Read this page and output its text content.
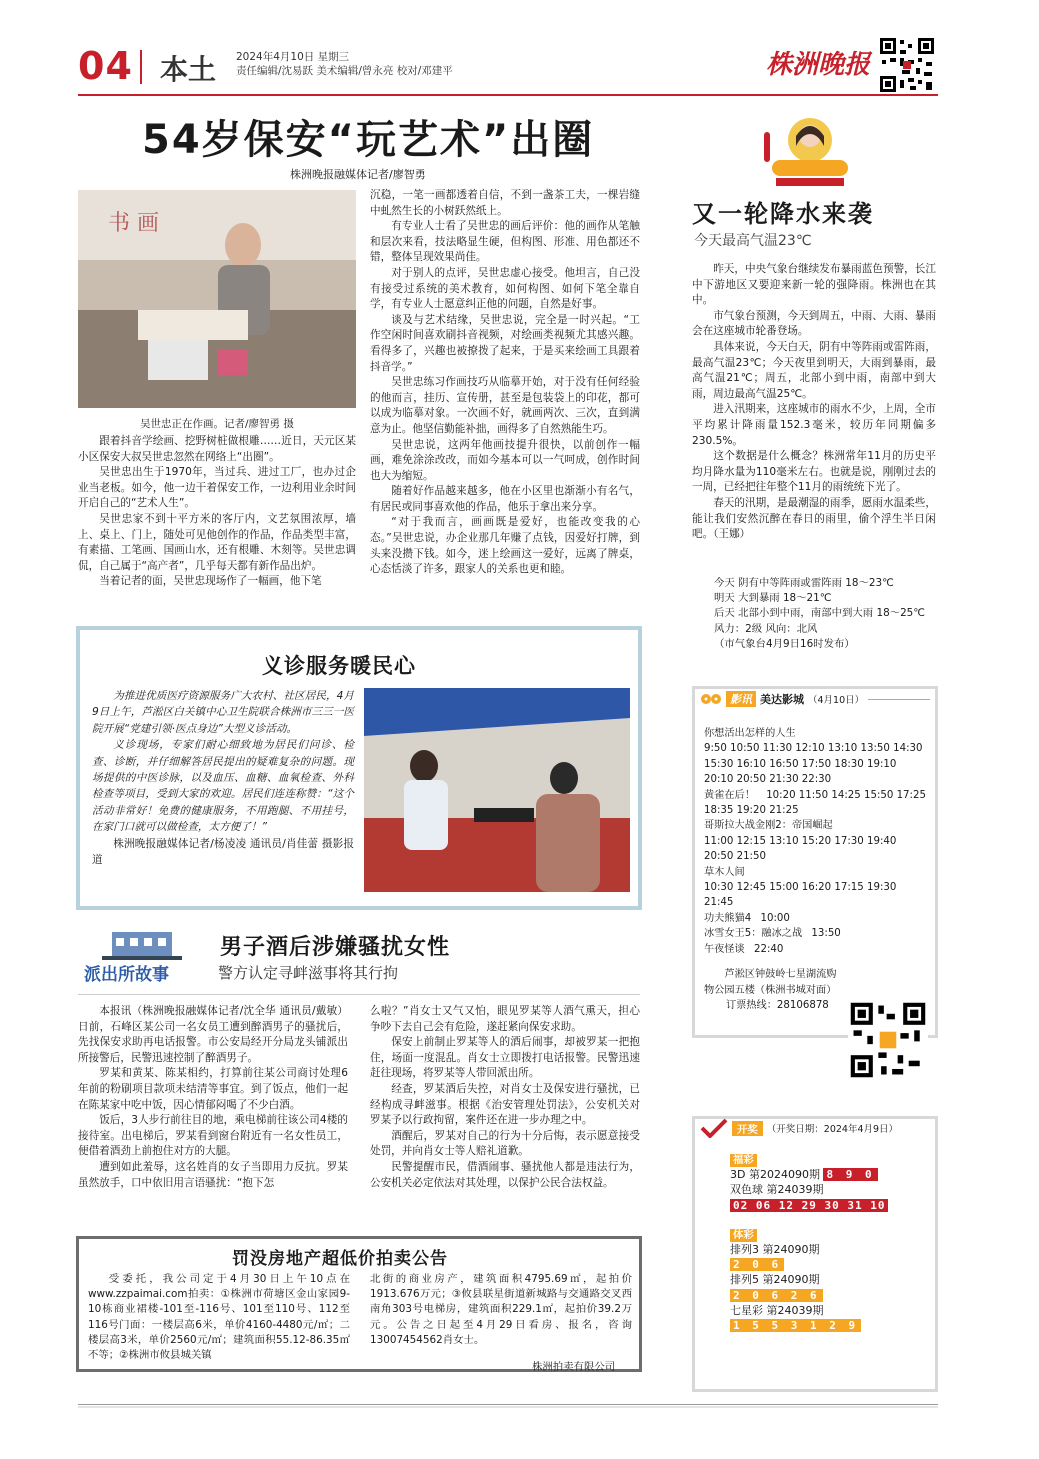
04 本土 2024年4月10日 星期三
责任编辑/沈易跃 美术编辑/曾永亮 校对/邓建平	株洲晚报
54岁保安“玩艺术”出圈
株洲晚报融媒体记者/廖智勇
书 画
吴世忠正在作画。记者/廖智勇 摄

跟着抖音学绘画、挖野树桩做根雕……近日，天元区某小区保安大叔吴世忠忽然在网络上“出圈”。

吴世忠出生于1970年，当过兵、进过工厂，也办过企业当老板。如今，他一边干着保安工作，一边利用业余时间开启自己的“艺术人生”。

吴世忠家不到十平方米的客厅内，文艺氛围浓厚，墙上、桌上、门上，随处可见他创作的作品，作品类型丰富，有素描、工笔画、国画山水，还有根雕、木刻等。吴世忠调侃，自己属于“高产者”，几乎每天都有新作品出炉。

当着记者的面，吴世忠现场作了一幅画，他下笔

沉稳，一笔一画都透着自信，不到一盏茶工夫，一棵岩缝中虬然生长的小树跃然纸上。

有专业人士看了吴世忠的画后评价：他的画作从笔触和层次来看，技法略显生硬，但构图、形准、用色都还不错，整体呈现效果尚佳。

对于别人的点评，吴世忠虚心接受。他坦言，自己没有接受过系统的美术教育，如何构图、如何下笔全靠自学，有专业人士愿意纠正他的问题，自然是好事。

谈及与艺术结缘，吴世忠说，完全是一时兴起。“工作空闲时间喜欢刷抖音视频，对绘画类视频尤其感兴趣。看得多了，兴趣也被撩拨了起来，于是买来绘画工具跟着抖音学。”

吴世忠练习作画技巧从临摹开始，对于没有任何经验的他而言，挂历、宣传册，甚至是包装袋上的印花，都可以成为临摹对象。一次画不好，就画两次、三次，直到满意为止。他坚信勤能补拙，画得多了自然熟能生巧。

吴世忠说，这两年他画技提升很快，以前创作一幅画，难免涂涂改改，而如今基本可以一气呵成，创作时间也大为缩短。

随着好作品越来越多，他在小区里也渐渐小有名气，有居民或同事喜欢他的作品，他乐于拿出来分享。

“对于我而言，画画既是爱好，也能改变我的心态。”吴世忠说，办企业那几年赚了点钱，因爱好打牌，到头来没攒下钱。如今，迷上绘画这一爱好，远离了牌桌，心态恬淡了许多，跟家人的关系也更和睦。

又一轮降水来袭
今天最高气温23℃

昨天，中央气象台继续发布暴雨蓝色预警，长江中下游地区又要迎来新一轮的强降雨。株洲也在其中。

市气象台预测，今天到周五，中雨、大雨、暴雨会在这座城市轮番登场。

具体来说，今天白天，阴有中等阵雨或雷阵雨，最高气温23℃；今天夜里到明天，大雨到暴雨，最高气温21℃；周五，北部小到中雨，南部中到大雨，周边最高气温25℃。

进入汛期来，这座城市的雨水不少，上周，全市平均累计降雨量152.3毫米，较历年同期偏多230.5%。

这个数据是什么概念？株洲常年11月的历史平均月降水量为110毫米左右。也就是说，刚刚过去的一周，已经把往年整个11月的雨统统下光了。

春天的汛期，是最潮湿的雨季，愿雨水温柔些，能让我们安然沉醉在春日的雨里，偷个浮生半日闲吧。（王娜）

今天 阴有中等阵雨或雷阵雨 18～23℃
明天 大到暴雨 18～21℃
后天 北部小到中雨，南部中到大雨 18～25℃
风力：2级 风向：北风
（市气象台4月9日16时发布）
义诊服务暖民心

为推进优质医疗资源服务广大农村、社区居民，4月9日上午，芦淞区白关镇中心卫生院联合株洲市三三一医院开展“党建引领·医点身边”大型义诊活动。

义诊现场，专家们耐心细致地为居民们问诊、检查、诊断，并仔细解答居民提出的疑难复杂的问题。现场提供的中医诊脉，以及血压、血糖、血氧检查、外科检查等项目，受到大家的欢迎。居民们连连称赞：“这个活动非常好！免费的健康服务，不用跑腿、不用挂号，在家门口就可以做检查，太方便了！”

株洲晚报融媒体记者/杨凌凌 通讯员/肖佳蕾 摄影报道

派出所故事
男子酒后涉嫌骚扰女性
警方认定寻衅滋事将其行拘

本报讯（株洲晚报融媒体记者/沈全华 通讯员/戴敏） 日前，石峰区某公司一名女员工遭到醉酒男子的骚扰后，先找保安求助再电话报警。市公安局经开分局龙头铺派出所接警后，民警迅速控制了醉酒男子。

罗某和黄某、陈某相约，打算前往某公司商讨处理6年前的粉刷项目款项未结清等事宜。到了饭点，他们一起在陈某家中吃中饭，因心情郁闷喝了不少白酒。

饭后，3人步行前往目的地，乘电梯前往该公司4楼的接待室。出电梯后，罗某看到窗台附近有一名女性员工，便借着酒劲上前抱住对方的大腿。

遭到如此羞辱，这名姓肖的女子当即用力反抗。罗某虽然放手，口中依旧用言语骚扰：“抱下怎

么啦？”肖女士又气又怕，眼见罗某等人酒气熏天，担心争吵下去自己会有危险，遂赶紧向保安求助。

保安上前制止罗某等人的酒后闹事，却被罗某一把抱住，场面一度混乱。肖女士立即拨打电话报警。民警迅速赶往现场，将罗某等人带回派出所。

经查，罗某酒后失控，对肖女士及保安进行骚扰，已经构成寻衅滋事。根据《治安管理处罚法》，公安机关对罗某予以行政拘留，案件还在进一步办理之中。

酒醒后，罗某对自己的行为十分后悔，表示愿意接受处罚，并向肖女士等人赔礼道歉。

民警提醒市民，借酒闹事、骚扰他人都是违法行为，公安机关必定依法对其处理，以保护公民合法权益。

罚没房地产超低价拍卖公告

受委托，我公司定于4月30日上午10点在www.zzpaimai.com拍卖：①株洲市荷塘区金山家园9-10栋商业裙楼-101至-116号、101至110号、112至116号门面：一楼层高6米，单价4160-4480元/㎡；二楼层高3米，单价2560元/㎡；建筑面积55.12-86.35㎡不等；②株洲市攸县城关镇

北街的商业房产，建筑面积4795.69㎡，起拍价1913.676万元；③攸县联星街道新城路与交通路交叉西南角303号电梯房，建筑面积229.1㎡，起拍价39.2万元。公告之日起至4月29日看房、报名，咨询13007454562肖女士。

株洲拍卖有限公司
影讯 美达影城 （4月10日）
你想活出怎样的人生
9:50 10:50 11:30 12:10 13:10 13:50 14:30 15:30 16:10 16:50 17:50 18:30 19:10 20:10 20:50 21:30 22:30
黄雀在后！ 10:20 11:50 14:25 15:50 17:25 18:35 19:20 21:25
哥斯拉大战金刚2：帝国崛起
11:00 12:15 13:10 15:20 17:30 19:40 20:50 21:50
草木人间
10:30 12:45 15:00 16:20 17:15 19:30 21:45
功夫熊猫4 10:00
冰雪女王5：融冰之战 13:50
午夜怪谈 22:40
芦淞区钟鼓岭七星湖流购物公园五楼（株洲书城对面）
订票热线：28106878
开奖 （开奖日期：2024年4月9日）
福彩
3D 第2024090期 8 9 0
双色球 第24039期
02 06 12 29 30 31 10
体彩
排列3 第24090期
2 0 6
排列5 第24090期
2 0 6 2 6
七星彩 第24039期
1 5 5 3 1 2 9
